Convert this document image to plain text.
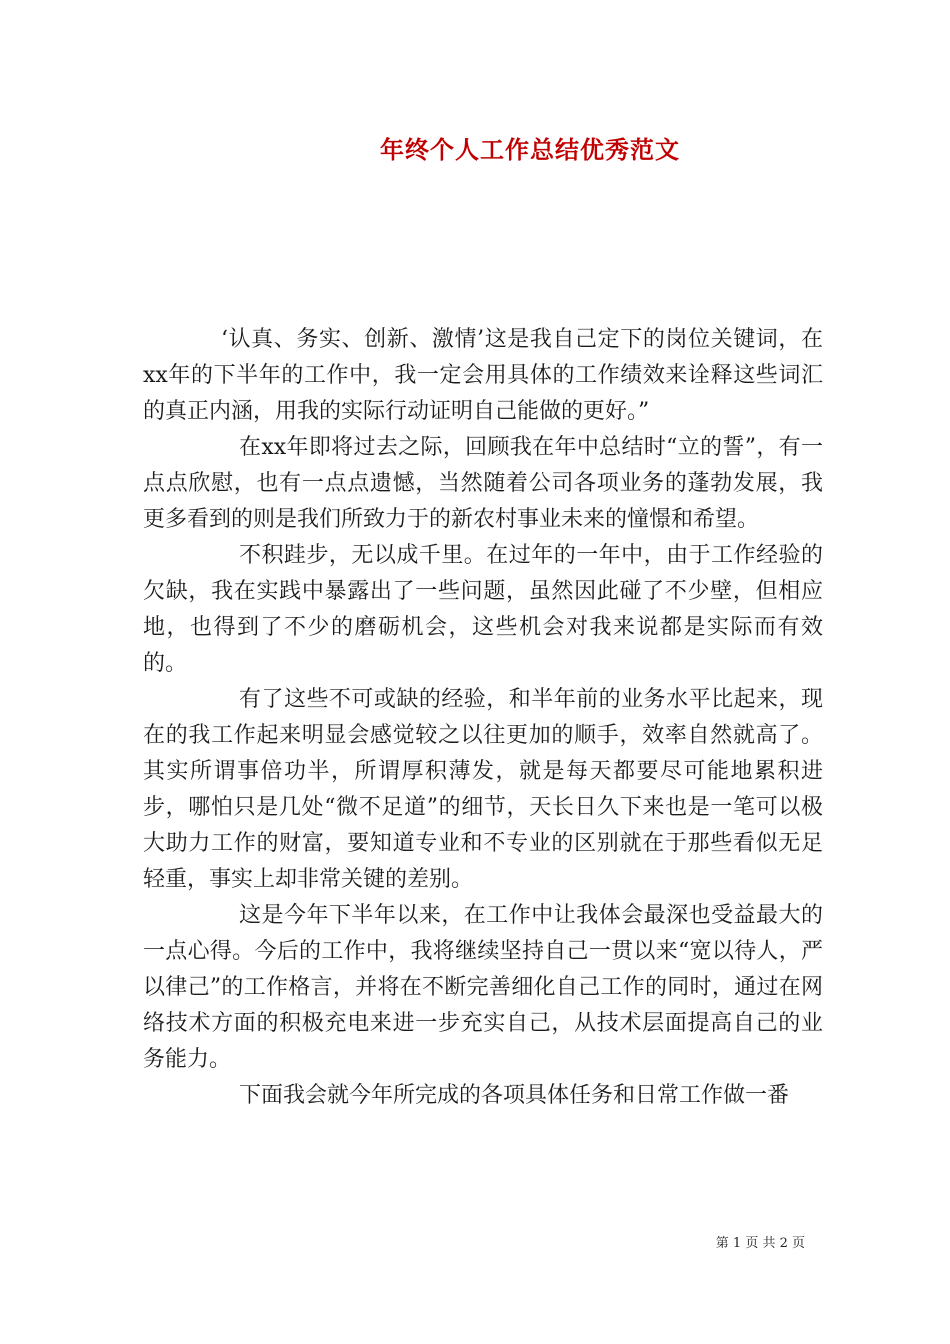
年终个人工作总结优秀范文

‘认真、务实、创新、激情’这是我自己定下的岗位关键词，在xx年的下半年的工作中，我一定会用具体的工作绩效来诠释这些词汇的真正内涵，用我的实际行动证明自己能做的更好。”

在xx年即将过去之际，回顾我在年中总结时“立的誓”，有一点点欣慰，也有一点点遗憾，当然随着公司各项业务的蓬勃发展，我更多看到的则是我们所致力于的新农村事业未来的憧憬和希望。

不积跬步，无以成千里。在过年的一年中，由于工作经验的欠缺，我在实践中暴露出了一些问题，虽然因此碰了不少壁，但相应地，也得到了不少的磨砺机会，这些机会对我来说都是实际而有效的。

有了这些不可或缺的经验，和半年前的业务水平比起来，现在的我工作起来明显会感觉较之以往更加的顺手，效率自然就高了。其实所谓事倍功半，所谓厚积薄发，就是每天都要尽可能地累积进步，哪怕只是几处“微不足道”的细节，天长日久下来也是一笔可以极大助力工作的财富，要知道专业和不专业的区别就在于那些看似无足轻重，事实上却非常关键的差别。

这是今年下半年以来，在工作中让我体会最深也受益最大的一点心得。今后的工作中，我将继续坚持自己一贯以来“宽以待人，严以律己”的工作格言，并将在不断完善细化自己工作的同时，通过在网络技术方面的积极充电来进一步充实自己，从技术层面提高自己的业务能力。

下面我会就今年所完成的各项具体任务和日常工作做一番

第 1 页 共 2 页
